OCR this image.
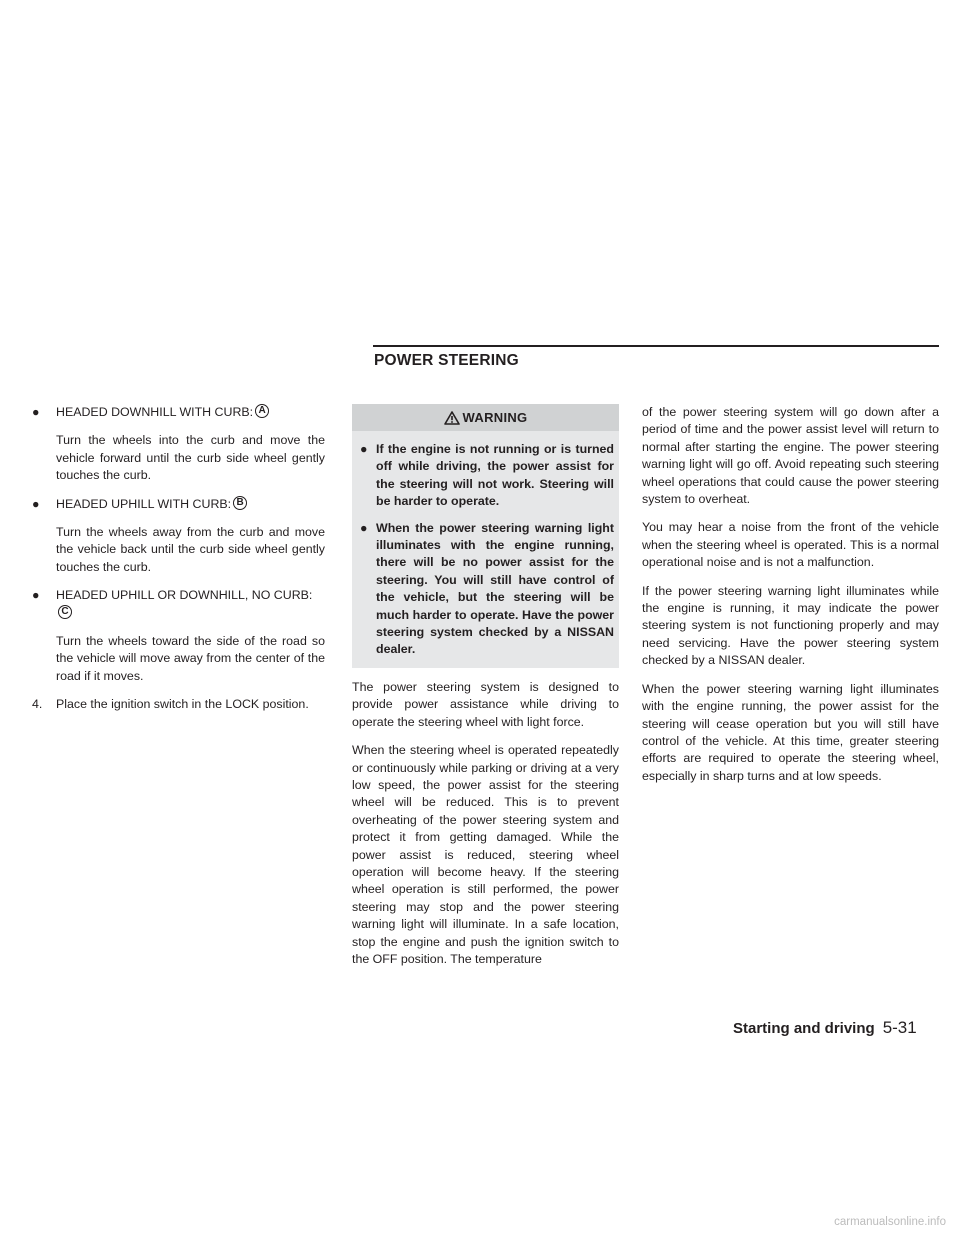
POWER STEERING
● HEADED DOWNHILL WITH CURB: A

Turn the wheels into the curb and move the vehicle forward until the curb side wheel gently touches the curb.

● HEADED UPHILL WITH CURB: B

Turn the wheels away from the curb and move the vehicle back until the curb side wheel gently touches the curb.

● HEADED UPHILL OR DOWNHILL, NO CURB:C

Turn the wheels toward the side of the road so the vehicle will move away from the center of the road if it moves.

4. Place the ignition switch in the LOCK position.
WARNING
● If the engine is not running or is turned off while driving, the power assist for the steering will not work. Steering will be harder to operate.
● When the power steering warning light illuminates with the engine running, there will be no power assist for the steering. You will still have control of the vehicle, but the steering will be much harder to operate. Have the power steering system checked by a NISSAN dealer.

The power steering system is designed to provide power assistance while driving to operate the steering wheel with light force.

When the steering wheel is operated repeatedly or continuously while parking or driving at a very low speed, the power assist for the steering wheel will be reduced. This is to prevent overheating of the power steering system and protect it from getting damaged. While the power assist is reduced, steering wheel operation will become heavy. If the steering wheel operation is still performed, the power steering may stop and the power steering warning light will illuminate. In a safe location, stop the engine and push the ignition switch to the OFF position. The temperature

of the power steering system will go down after a period of time and the power assist level will return to normal after starting the engine. The power steering warning light will go off. Avoid repeating such steering wheel operations that could cause the power steering system to overheat.

You may hear a noise from the front of the vehicle when the steering wheel is operated. This is a normal operational noise and is not a malfunction.

If the power steering warning light illuminates while the engine is running, it may indicate the power steering system is not functioning properly and may need servicing. Have the power steering system checked by a NISSAN dealer.

When the power steering warning light illuminates with the engine running, the power assist for the steering will cease operation but you will still have control of the vehicle. At this time, greater steering efforts are required to operate the steering wheel, especially in sharp turns and at low speeds.

Starting and driving 5-31
carmanualsonline.info
